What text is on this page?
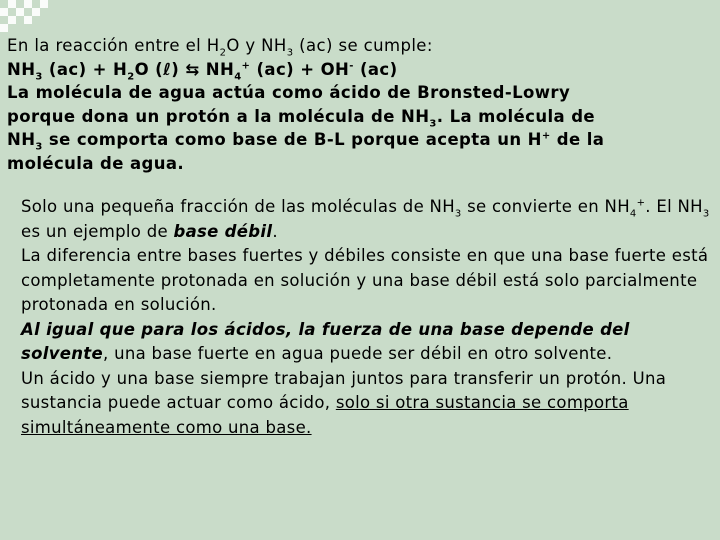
En la reacción entre el $H_2O$ y $NH_3$ (ac) se cumple:

$NH_3$ $(ac) + H_2O$ (ℓ) ⇆ $NH_4^+$ (ac) + OH- (ac)

La molécula de agua actúa como ácido de Bronsted-Lowry

porque dona un protón a la molécula de $NH_3$. La molécula de

$NH_3$ se comporta como base de B-L porque acepta un H+ de la

molécula de agua.

Solo una pequeña fracción de las moléculas de $NH_3$ se convierte en $NH_4^+$. El $NH_3$ es un ejemplo de base débil.

La diferencia entre bases fuertes y débiles consiste en que una base fuerte está completamente protonada en solución y una base débil está solo parcialmente protonada en solución.

Al igual que para los ácidos, la fuerza de una base depende del solvente, una base fuerte en agua puede ser débil en otro solvente.

Un ácido y una base siempre trabajan juntos para transferir un protón. Una sustancia puede actuar como ácido, solo si otra sustancia se comporta simultáneamente como una base.
